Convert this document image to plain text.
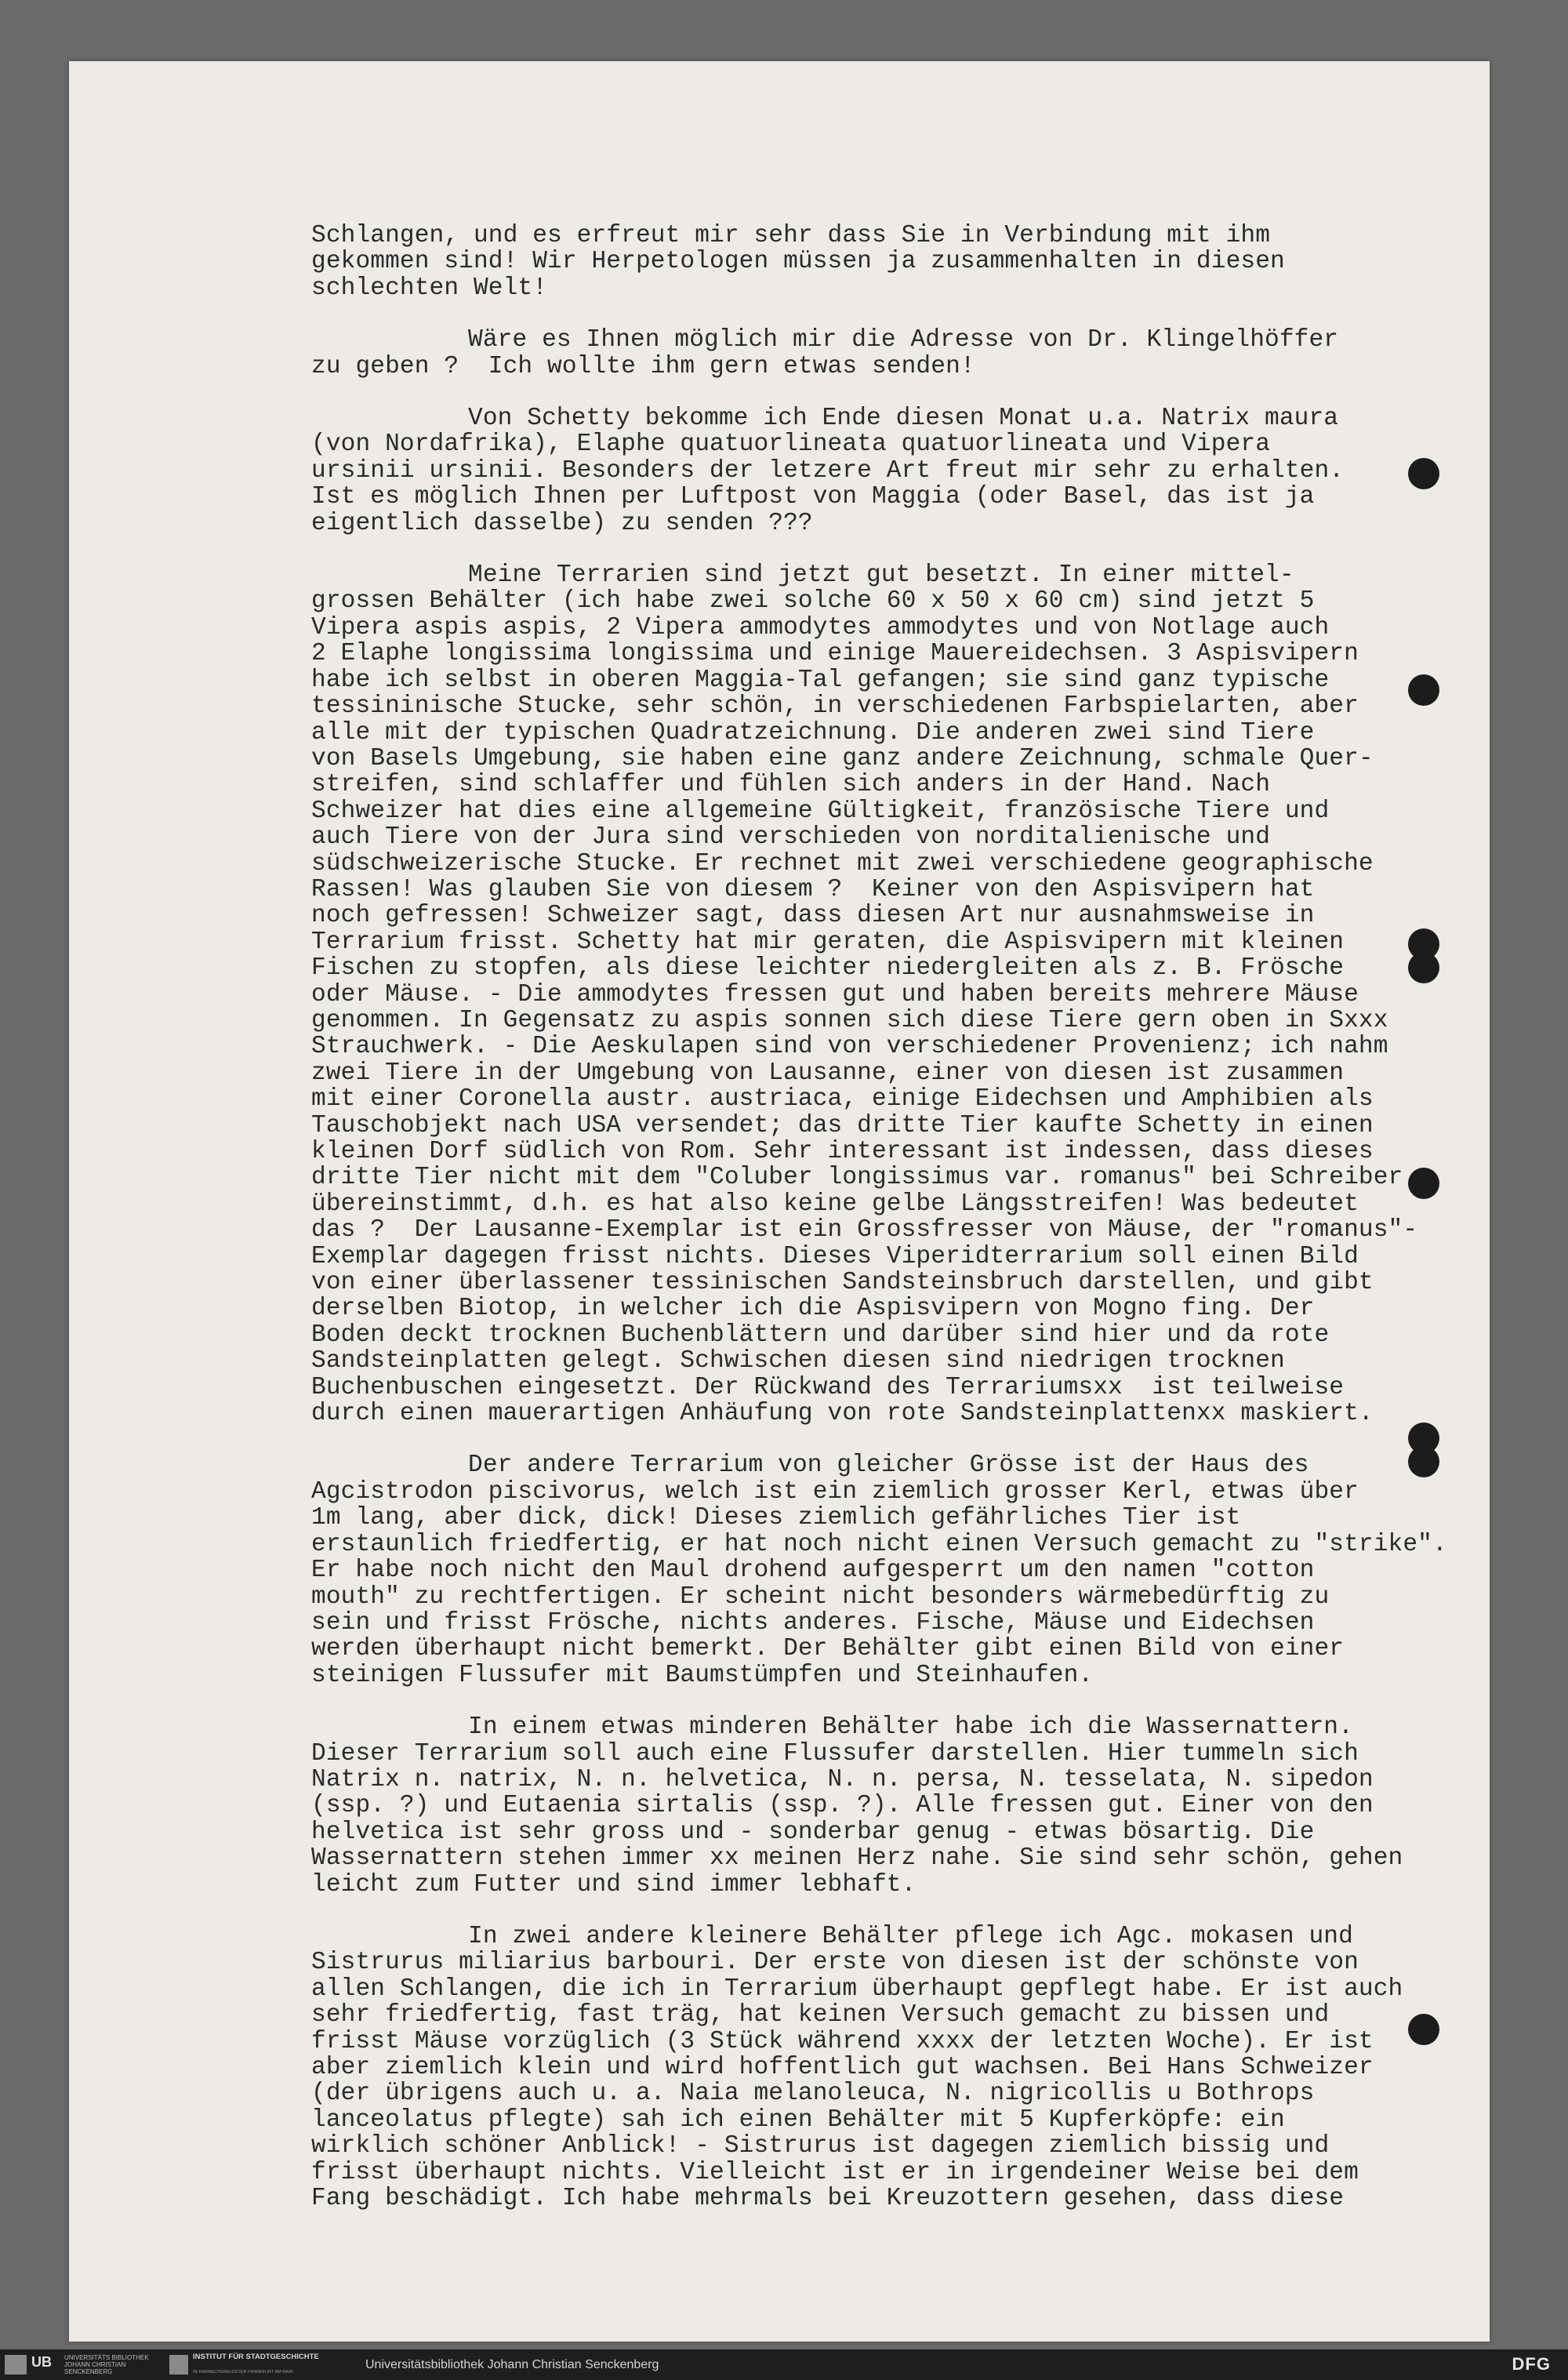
Schlangen, und es erfreut mir sehr dass Sie in Verbindung mit ihm
gekommen sind! Wir Herpetologen müssen ja zusammenhalten in diesen
schlechten Welt!
Wäre es Ihnen möglich mir die Adresse von Dr. Klingelhöffer
zu geben ?  Ich wollte ihm gern etwas senden!
Von Schetty bekomme ich Ende diesen Monat u.a. Natrix maura
(von Nordafrika), Elaphe quatuorlineata quatuorlineata und Vipera
ursinii ursinii. Besonders der letzere Art freut mir sehr zu erhalten.
Ist es möglich Ihnen per Luftpost von Maggia (oder Basel, das ist ja
eigentlich dasselbe) zu senden ???
Meine Terrarien sind jetzt gut besetzt. In einer mittel-
grossen Behälter (ich habe zwei solche 60 x 50 x 60 cm) sind jetzt 5
Vipera aspis aspis, 2 Vipera ammodytes ammodytes und von Notlage auch
2 Elaphe longissima longissima und einige Mauereidechsen. 3 Aspisvipern
habe ich selbst in oberen Maggia-Tal gefangen; sie sind ganz typische
tessininische Stucke, sehr schön, in verschiedenen Farbspielarten, aber
alle mit der typischen Quadratzeichnung. Die anderen zwei sind Tiere
von Basels Umgebung, sie haben eine ganz andere Zeichnung, schmale Quer-
streifen, sind schlaffer und fühlen sich anders in der Hand. Nach
Schweizer hat dies eine allgemeine Gültigkeit, französische Tiere und
auch Tiere von der Jura sind verschieden von norditalienische und
südschweizerische Stucke. Er rechnet mit zwei verschiedene geographische
Rassen! Was glauben Sie von diesem ?  Keiner von den Aspisvipern hat
noch gefressen! Schweizer sagt, dass diesen Art nur ausnahmsweise in
Terrarium frisst. Schetty hat mir geraten, die Aspisvipern mit kleinen
Fischen zu stopfen, als diese leichter niedergleiten als z. B. Frösche
oder Mäuse. - Die ammodytes fressen gut und haben bereits mehrere Mäuse
genommen. In Gegensatz zu aspis sonnen sich diese Tiere gern oben in Sxxx
Strauchwerk. - Die Aeskulapen sind von verschiedener Provenienz; ich nahm
zwei Tiere in der Umgebung von Lausanne, einer von diesen ist zusammen
mit einer Coronella austr. austriaca, einige Eidechsen und Amphibien als
Tauschobjekt nach USA versendet; das dritte Tier kaufte Schetty in einen
kleinen Dorf südlich von Rom. Sehr interessant ist indessen, dass dieses
dritte Tier nicht mit dem "Coluber longissimus var. romanus" bei Schreiber
übereinstimmt, d.h. es hat also keine gelbe Längsstreifen! Was bedeutet
das ?  Der Lausanne-Exemplar ist ein Grossfresser von Mäuse, der "romanus"-
Exemplar dagegen frisst nichts. Dieses Viperidterrarium soll einen Bild
von einer überlassener tessinischen Sandsteinsbruch darstellen, und gibt
derselben Biotop, in welcher ich die Aspisvipern von Mogno fing. Der
Boden deckt trocknen Buchenblättern und darüber sind hier und da rote
Sandsteinplatten gelegt. Schwischen diesen sind niedrigen trocknen
Buchenbuschen eingesetzt. Der Rückwand des Terrariumsxx  ist teilweise
durch einen mauerartigen Anhäufung von rote Sandsteinplattenxx maskiert.
Der andere Terrarium von gleicher Grösse ist der Haus des
Agcistrodon piscivorus, welch ist ein ziemlich grosser Kerl, etwas über
1m lang, aber dick, dick! Dieses ziemlich gefährliches Tier ist
erstaunlich friedfertig, er hat noch nicht einen Versuch gemacht zu "strike".
Er habe noch nicht den Maul drohend aufgesperrt um den namen "cotton
mouth" zu rechtfertigen. Er scheint nicht besonders wärmebedürftig zu
sein und frisst Frösche, nichts anderes. Fische, Mäuse und Eidechsen
werden überhaupt nicht bemerkt. Der Behälter gibt einen Bild von einer
steinigen Flussufer mit Baumstümpfen und Steinhaufen.
In einem etwas minderen Behälter habe ich die Wassernattern.
Dieser Terrarium soll auch eine Flussufer darstellen. Hier tummeln sich
Natrix n. natrix, N. n. helvetica, N. n. persa, N. tesselata, N. sipedon
(ssp. ?) und Eutaenia sirtalis (ssp. ?). Alle fressen gut. Einer von den
helvetica ist sehr gross und - sonderbar genug - etwas bösartig. Die
Wassernattern stehen immer xx meinen Herz nahe. Sie sind sehr schön, gehen
leicht zum Futter und sind immer lebhaft.
In zwei andere kleinere Behälter pflege ich Agc. mokasen und
Sistrurus miliarius barbouri. Der erste von diesen ist der schönste von
allen Schlangen, die ich in Terrarium überhaupt gepflegt habe. Er ist auch
sehr friedfertig, fast träg, hat keinen Versuch gemacht zu bissen und
frisst Mäuse vorzüglich (3 Stück während xxxx der letzten Woche). Er ist
aber ziemlich klein und wird hoffentlich gut wachsen. Bei Hans Schweizer
(der übrigens auch u. a. Naia melanoleuca, N. nigricollis u Bothrops
lanceolatus pflegte) sah ich einen Behälter mit 5 Kupferköpfe: ein
wirklich schöner Anblick! - Sistrurus ist dagegen ziemlich bissig und
frisst überhaupt nichts. Vielleicht ist er in irgendeiner Weise bei dem
Fang beschädigt. Ich habe mehrmals bei Kreuzottern gesehen, dass diese
UB UNIVERSITÄTS BIBLIOTHEK JOHANN CHRISTIAN SENCKENBERG
INSTITUT FÜR STADTGESCHICHTE
IM KARMELITERKLOSTER FRANKFURT AM MAIN
Universitätsbibliothek Johann Christian Senckenberg	DFG
